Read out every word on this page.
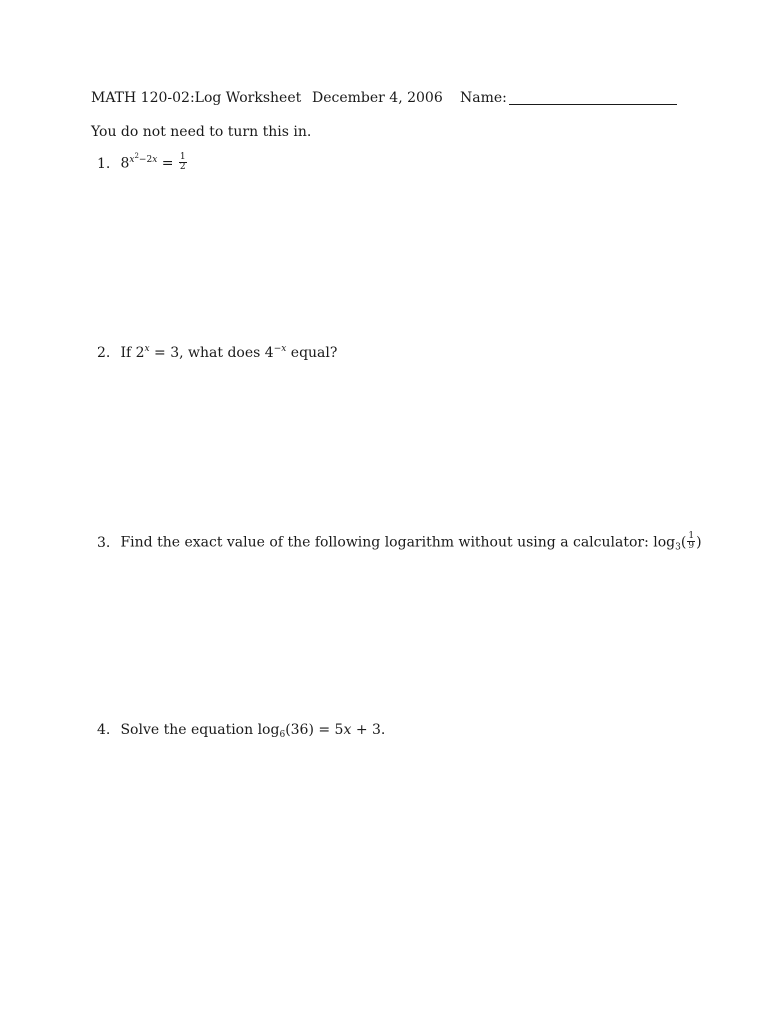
MATH 120-02:Log Worksheet December 4, 2006 Name:
You do not need to turn this in.
1. $8^{x^2-2x} = \frac{1}{2}$
2. If $2^x = 3$, what does $4^{-x}$ equal?
3. Find the exact value of the following logarithm without using a calculator: $\log_3( \frac{1}{9}$ )
4. Solve the equation $\log_6(36) = 5x + 3$.
